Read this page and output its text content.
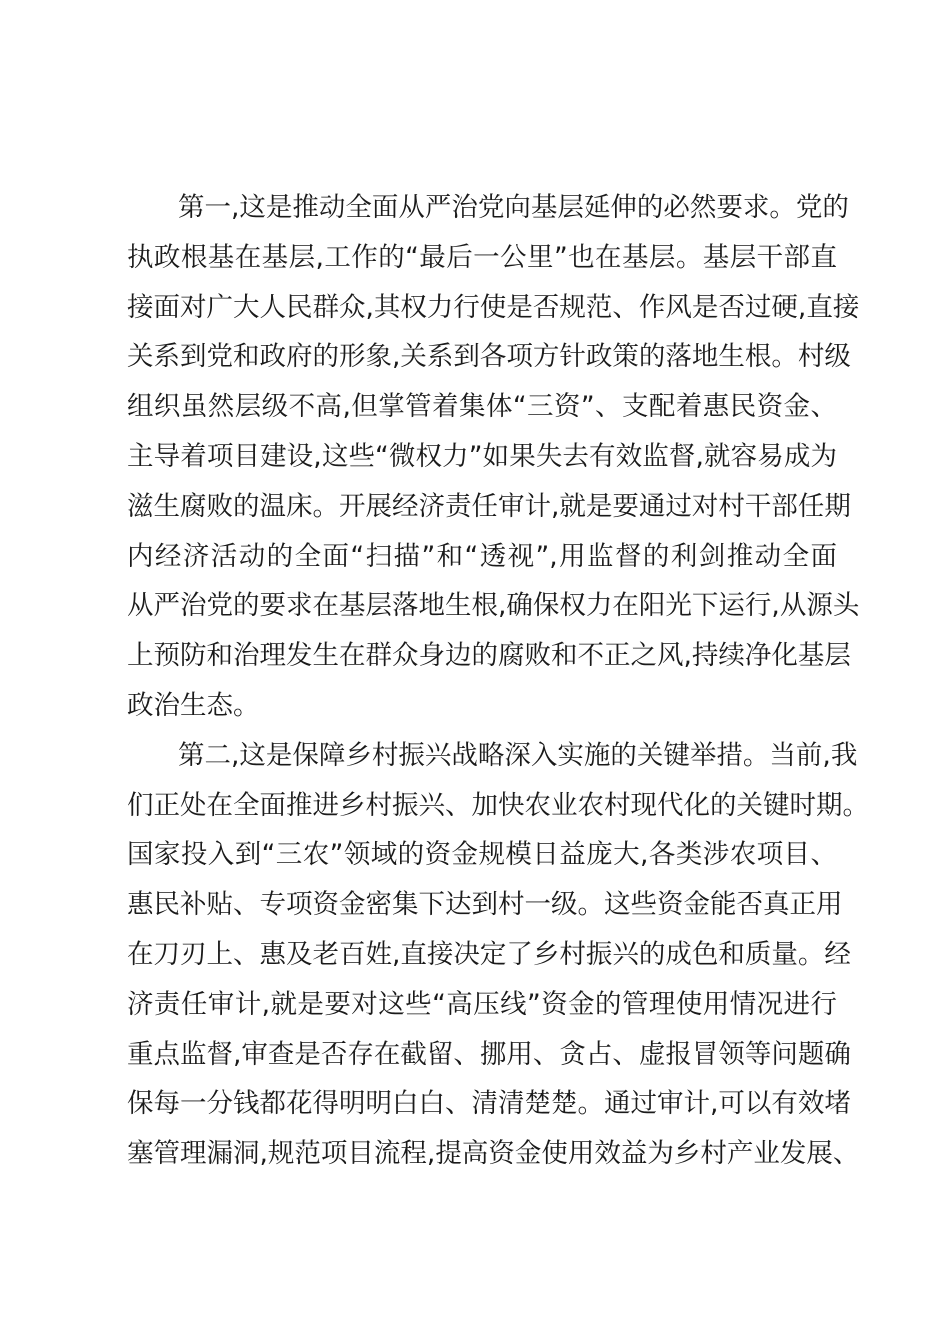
第一,这是推动全面从严治党向基层延伸的必然要求。党的
执政根基在基层,工作的“最后一公里”也在基层。基层干部直
接面对广大人民群众,其权力行使是否规范、作风是否过硬,直接
关系到党和政府的形象,关系到各项方针政策的落地生根。村级
组织虽然层级不高,但掌管着集体“三资”、支配着惠民资金、
主导着项目建设,这些“微权力”如果失去有效监督,就容易成为
滋生腐败的温床。开展经济责任审计,就是要通过对村干部任期
内经济活动的全面“扫描”和“透视”,用监督的利剑推动全面
从严治党的要求在基层落地生根,确保权力在阳光下运行,从源头
上预防和治理发生在群众身边的腐败和不正之风,持续净化基层
政治生态。
第二,这是保障乡村振兴战略深入实施的关键举措。当前,我
们正处在全面推进乡村振兴、加快农业农村现代化的关键时期。
国家投入到“三农”领域的资金规模日益庞大,各类涉农项目、
惠民补贴、专项资金密集下达到村一级。这些资金能否真正用
在刀刃上、惠及老百姓,直接决定了乡村振兴的成色和质量。经
济责任审计,就是要对这些“高压线”资金的管理使用情况进行
重点监督,审查是否存在截留、挪用、贪占、虚报冒领等问题确
保每一分钱都花得明明白白、清清楚楚。通过审计,可以有效堵
塞管理漏洞,规范项目流程,提高资金使用效益为乡村产业发展、
